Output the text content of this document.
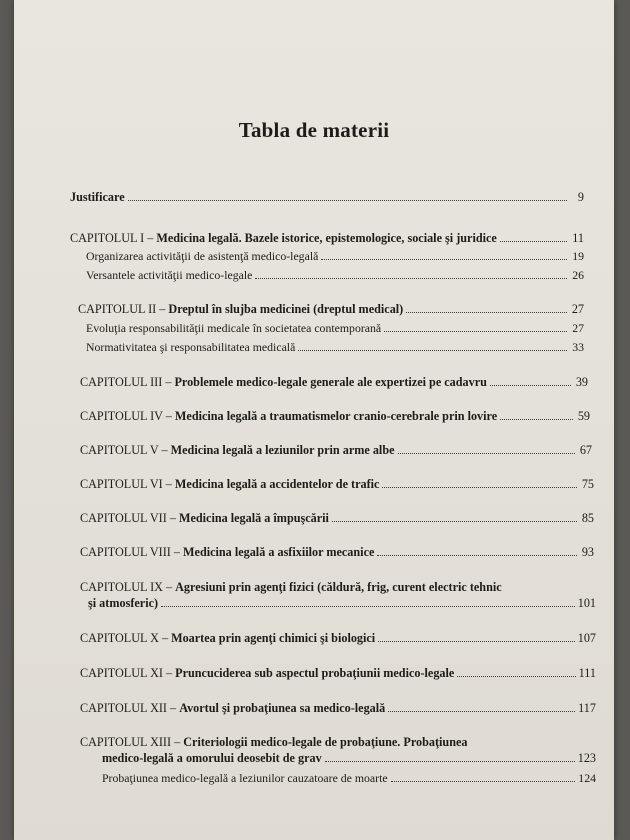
Tabla de materii
Justificare	9
CAPITOLUL I – Medicina legală. Bazele istorice, epistemologice, sociale şi juridice	11
Organizarea activităţii de asistenţă medico-legală	19
Versantele activităţii medico-legale	26
CAPITOLUL II – Dreptul în slujba medicinei (dreptul medical)	27
Evoluţia responsabilităţii medicale în societatea contemporană	27
Normativitatea şi responsabilitatea medicală	33
CAPITOLUL III – Problemele medico-legale generale ale expertizei pe cadavru	39
CAPITOLUL IV – Medicina legală a traumatismelor cranio-cerebrale prin lovire	59
CAPITOLUL V – Medicina legală a leziunilor prin arme albe	67
CAPITOLUL VI – Medicina legală a accidentelor de trafic	75
CAPITOLUL VII – Medicina legală a împuşcării	85
CAPITOLUL VIII – Medicina legală a asfixiilor mecanice	93
CAPITOLUL IX – Agresiuni prin agenţi fizici (căldură, frig, curent electric tehnic
şi atmosferic)	101
CAPITOLUL X – Moartea prin agenţi chimici şi biologici	107
CAPITOLUL XI – Pruncuciderea sub aspectul probaţiunii medico-legale	111
CAPITOLUL XII – Avortul şi probaţiunea sa medico-legală	117
CAPITOLUL XIII – Criteriologii medico-legale de probaţiune. Probaţiunea
medico-legală a omorului deosebit de grav	123
Probaţiunea medico-legală a leziunilor cauzatoare de moarte	124
